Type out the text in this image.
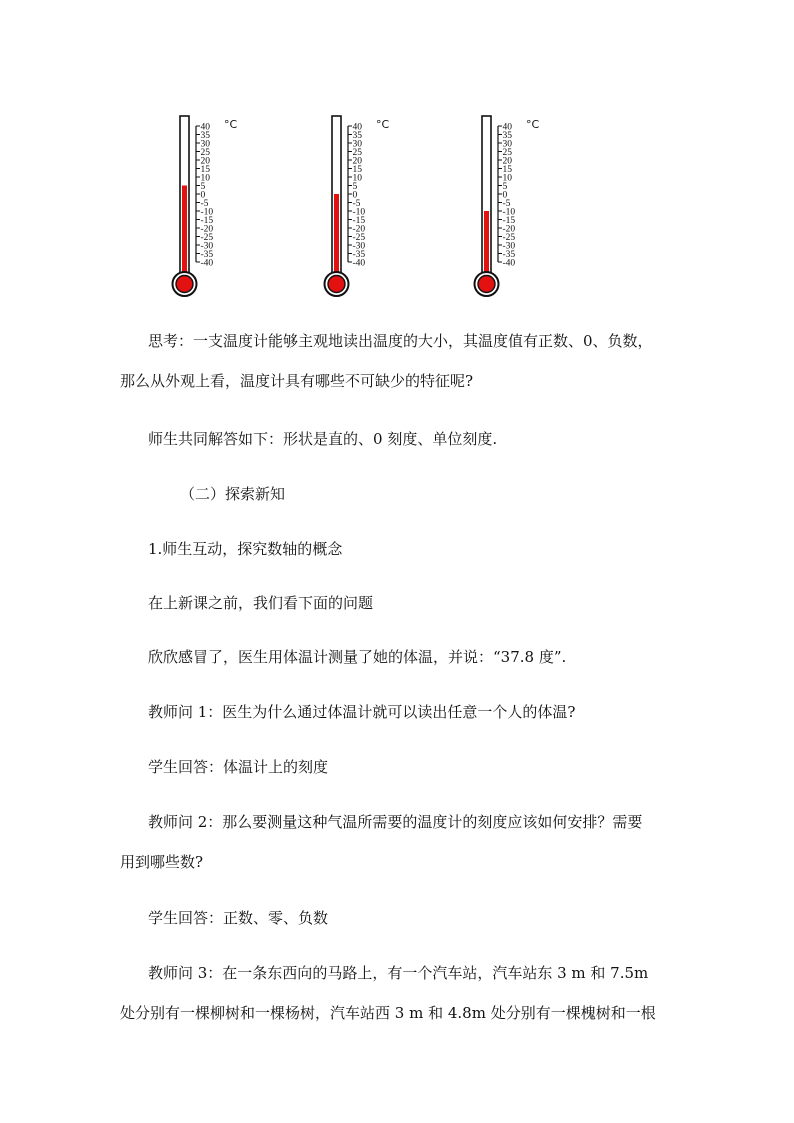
40
35
30
25
20
15
10
5
0
-5
-10
-15
-20
-25
-30
-35
-40
°C	40
35
30
25
20
15
10
5
0
-5
-10
-15
-20
-25
-30
-35
-40
°C	40
35
30
25
20
15
10
5
0
-5
-10
-15
-20
-25
-30
-35
-40
°C
思考：一支温度计能够主观地读出温度的大小，其温度值有正数、0、负数，
那么从外观上看，温度计具有哪些不可缺少的特征呢?
师生共同解答如下：形状是直的、0 刻度、单位刻度.
（二）探索新知
1.师生互动，探究数轴的概念
在上新课之前，我们看下面的问题
欣欣感冒了，医生用体温计测量了她的体温，并说：“37.8 度”.
教师问 1：医生为什么通过体温计就可以读出任意一个人的体温?
学生回答：体温计上的刻度
教师问 2：那么要测量这种气温所需要的温度计的刻度应该如何安排？需要
用到哪些数?
学生回答：正数、零、负数
教师问 3：在一条东西向的马路上，有一个汽车站，汽车站东 3 m 和 7.5m
处分别有一棵柳树和一棵杨树，汽车站西 3 m 和 4.8m 处分别有一棵槐树和一根
